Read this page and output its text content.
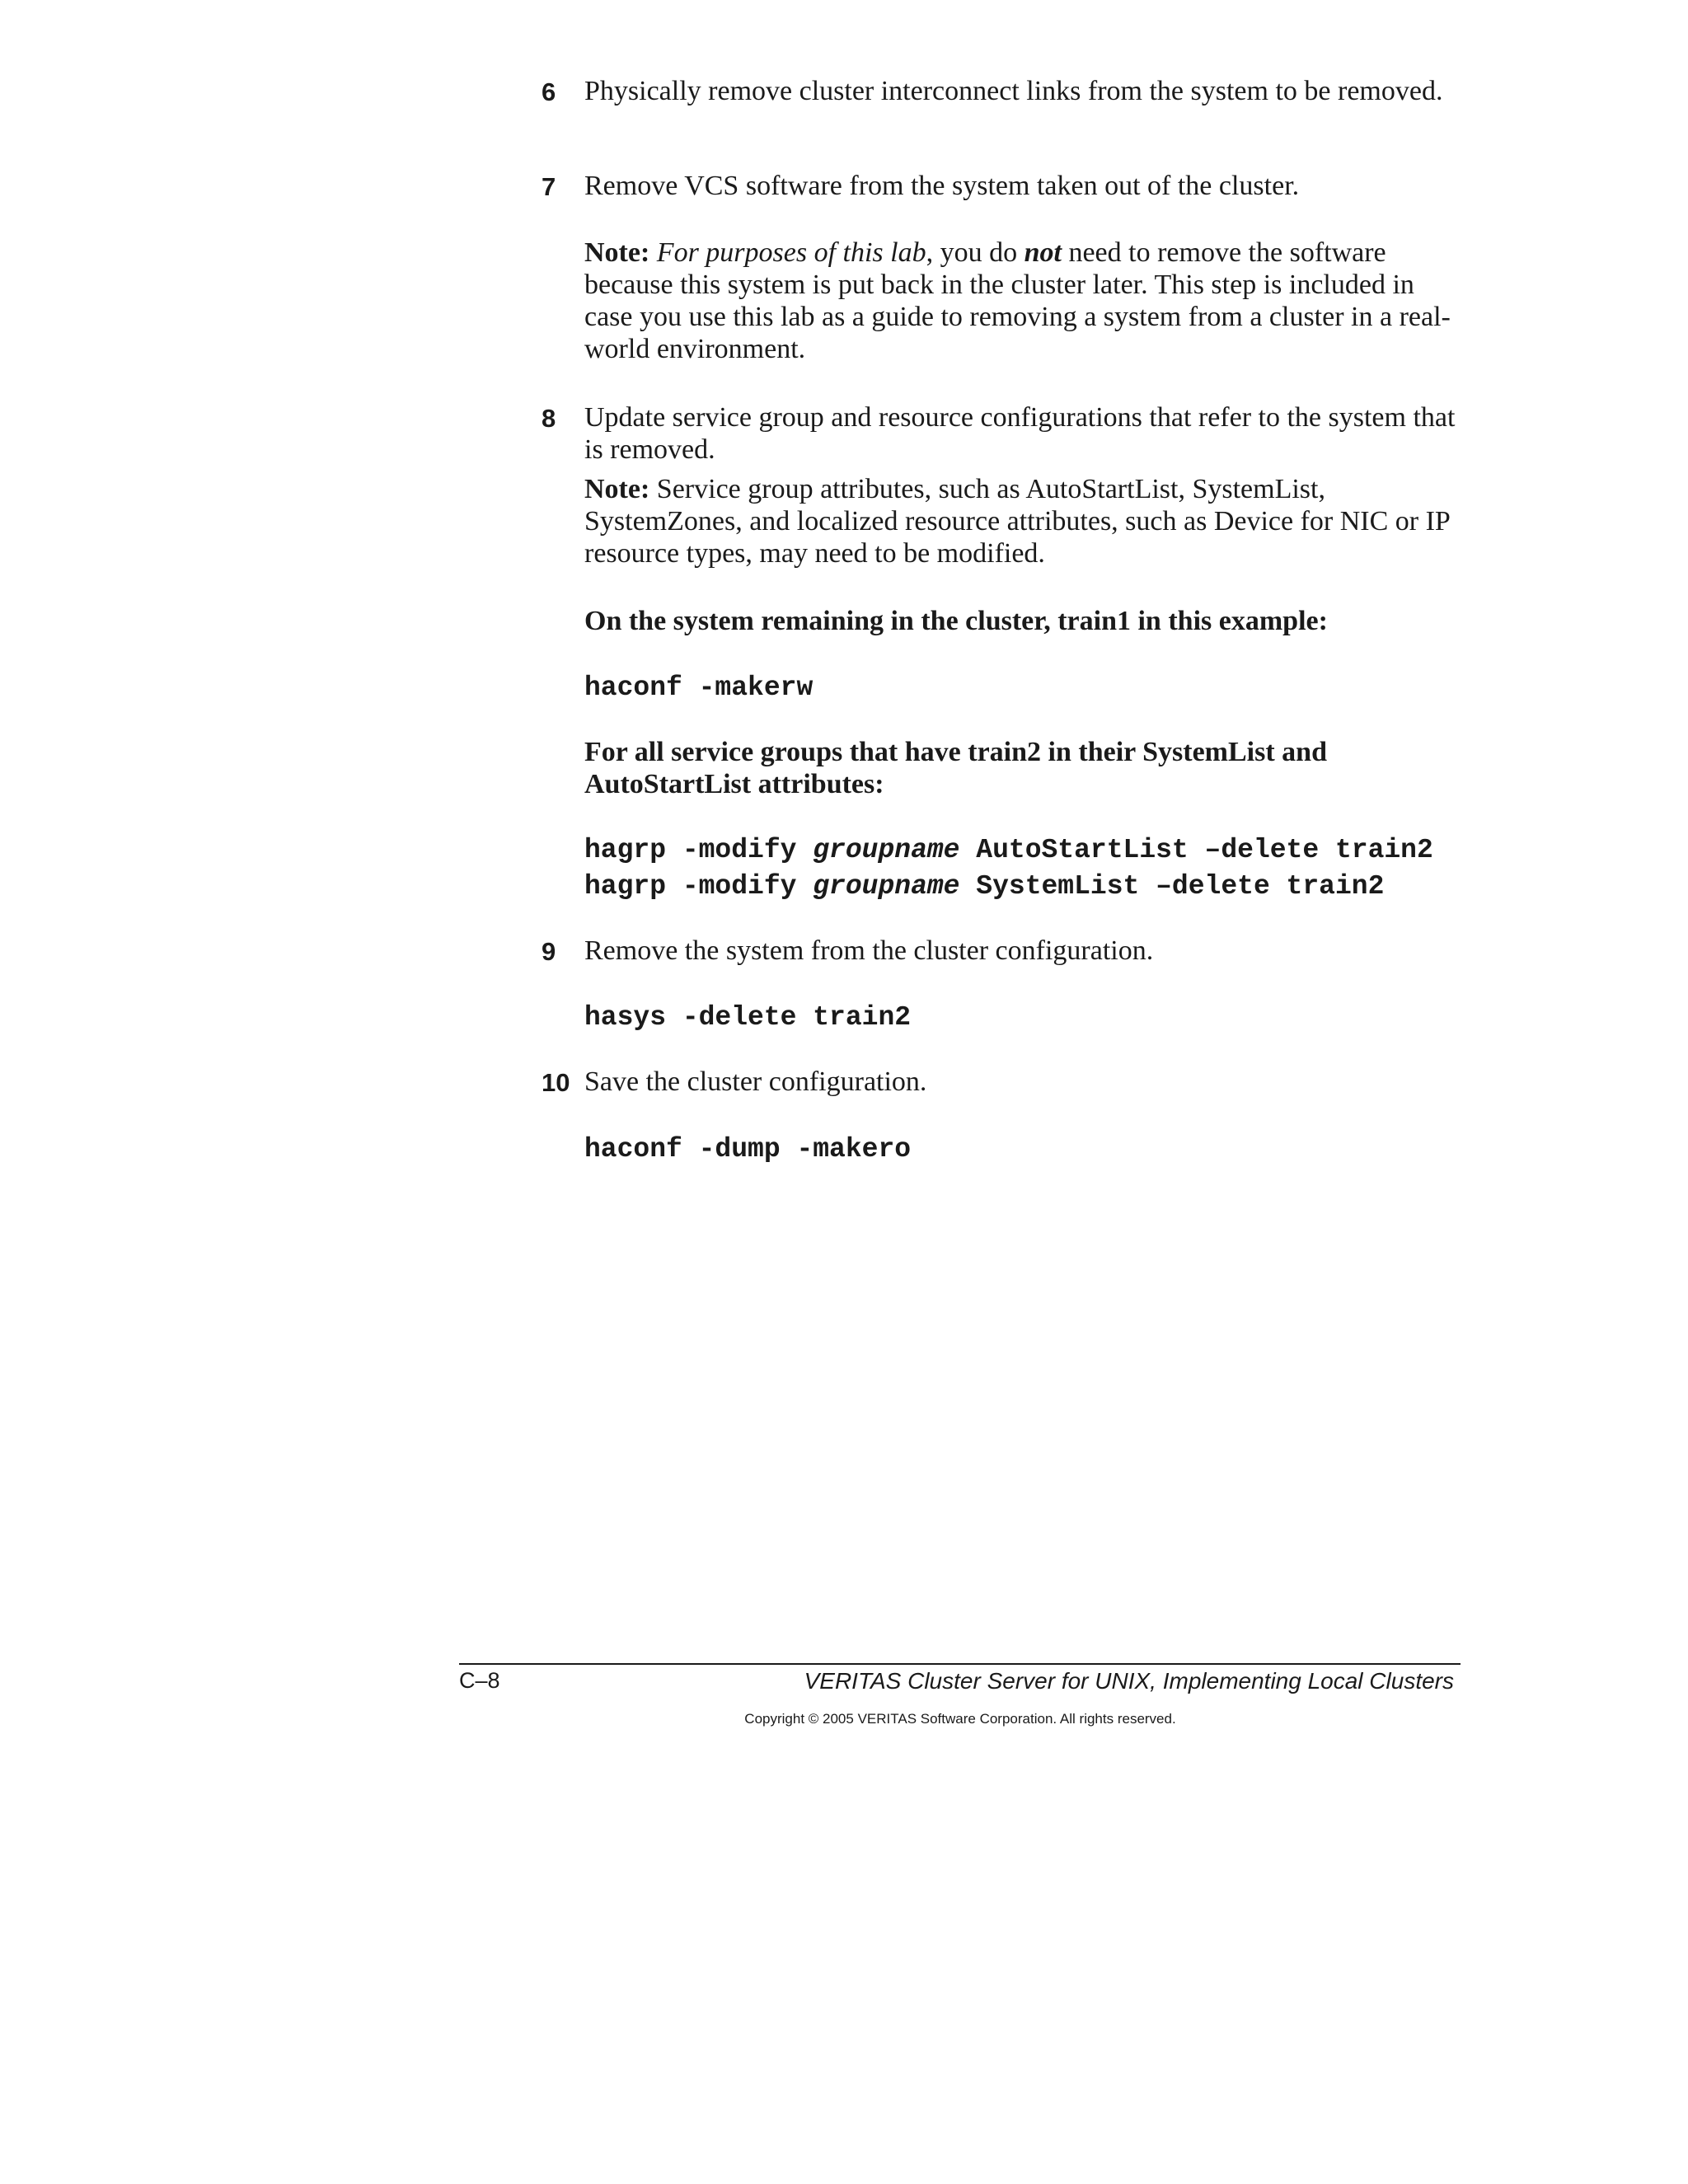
6 Physically remove cluster interconnect links from the system to be removed.
7 Remove VCS software from the system taken out of the cluster.
Note: For purposes of this lab, you do not need to remove the software because this system is put back in the cluster later. This step is included in case you use this lab as a guide to removing a system from a cluster in a real-world environment.
8 Update service group and resource configurations that refer to the system that is removed.
Note: Service group attributes, such as AutoStartList, SystemList, SystemZones, and localized resource attributes, such as Device for NIC or IP resource types, may need to be modified.
On the system remaining in the cluster, train1 in this example:
haconf -makerw
For all service groups that have train2 in their SystemList and AutoStartList attributes:
hagrp -modify groupname AutoStartList –delete train2
hagrp -modify groupname SystemList –delete train2
9 Remove the system from the cluster configuration.
hasys -delete train2
10 Save the cluster configuration.
haconf -dump -makero
C–8	VERITAS Cluster Server for UNIX, Implementing Local Clusters
Copyright © 2005 VERITAS Software Corporation. All rights reserved.
